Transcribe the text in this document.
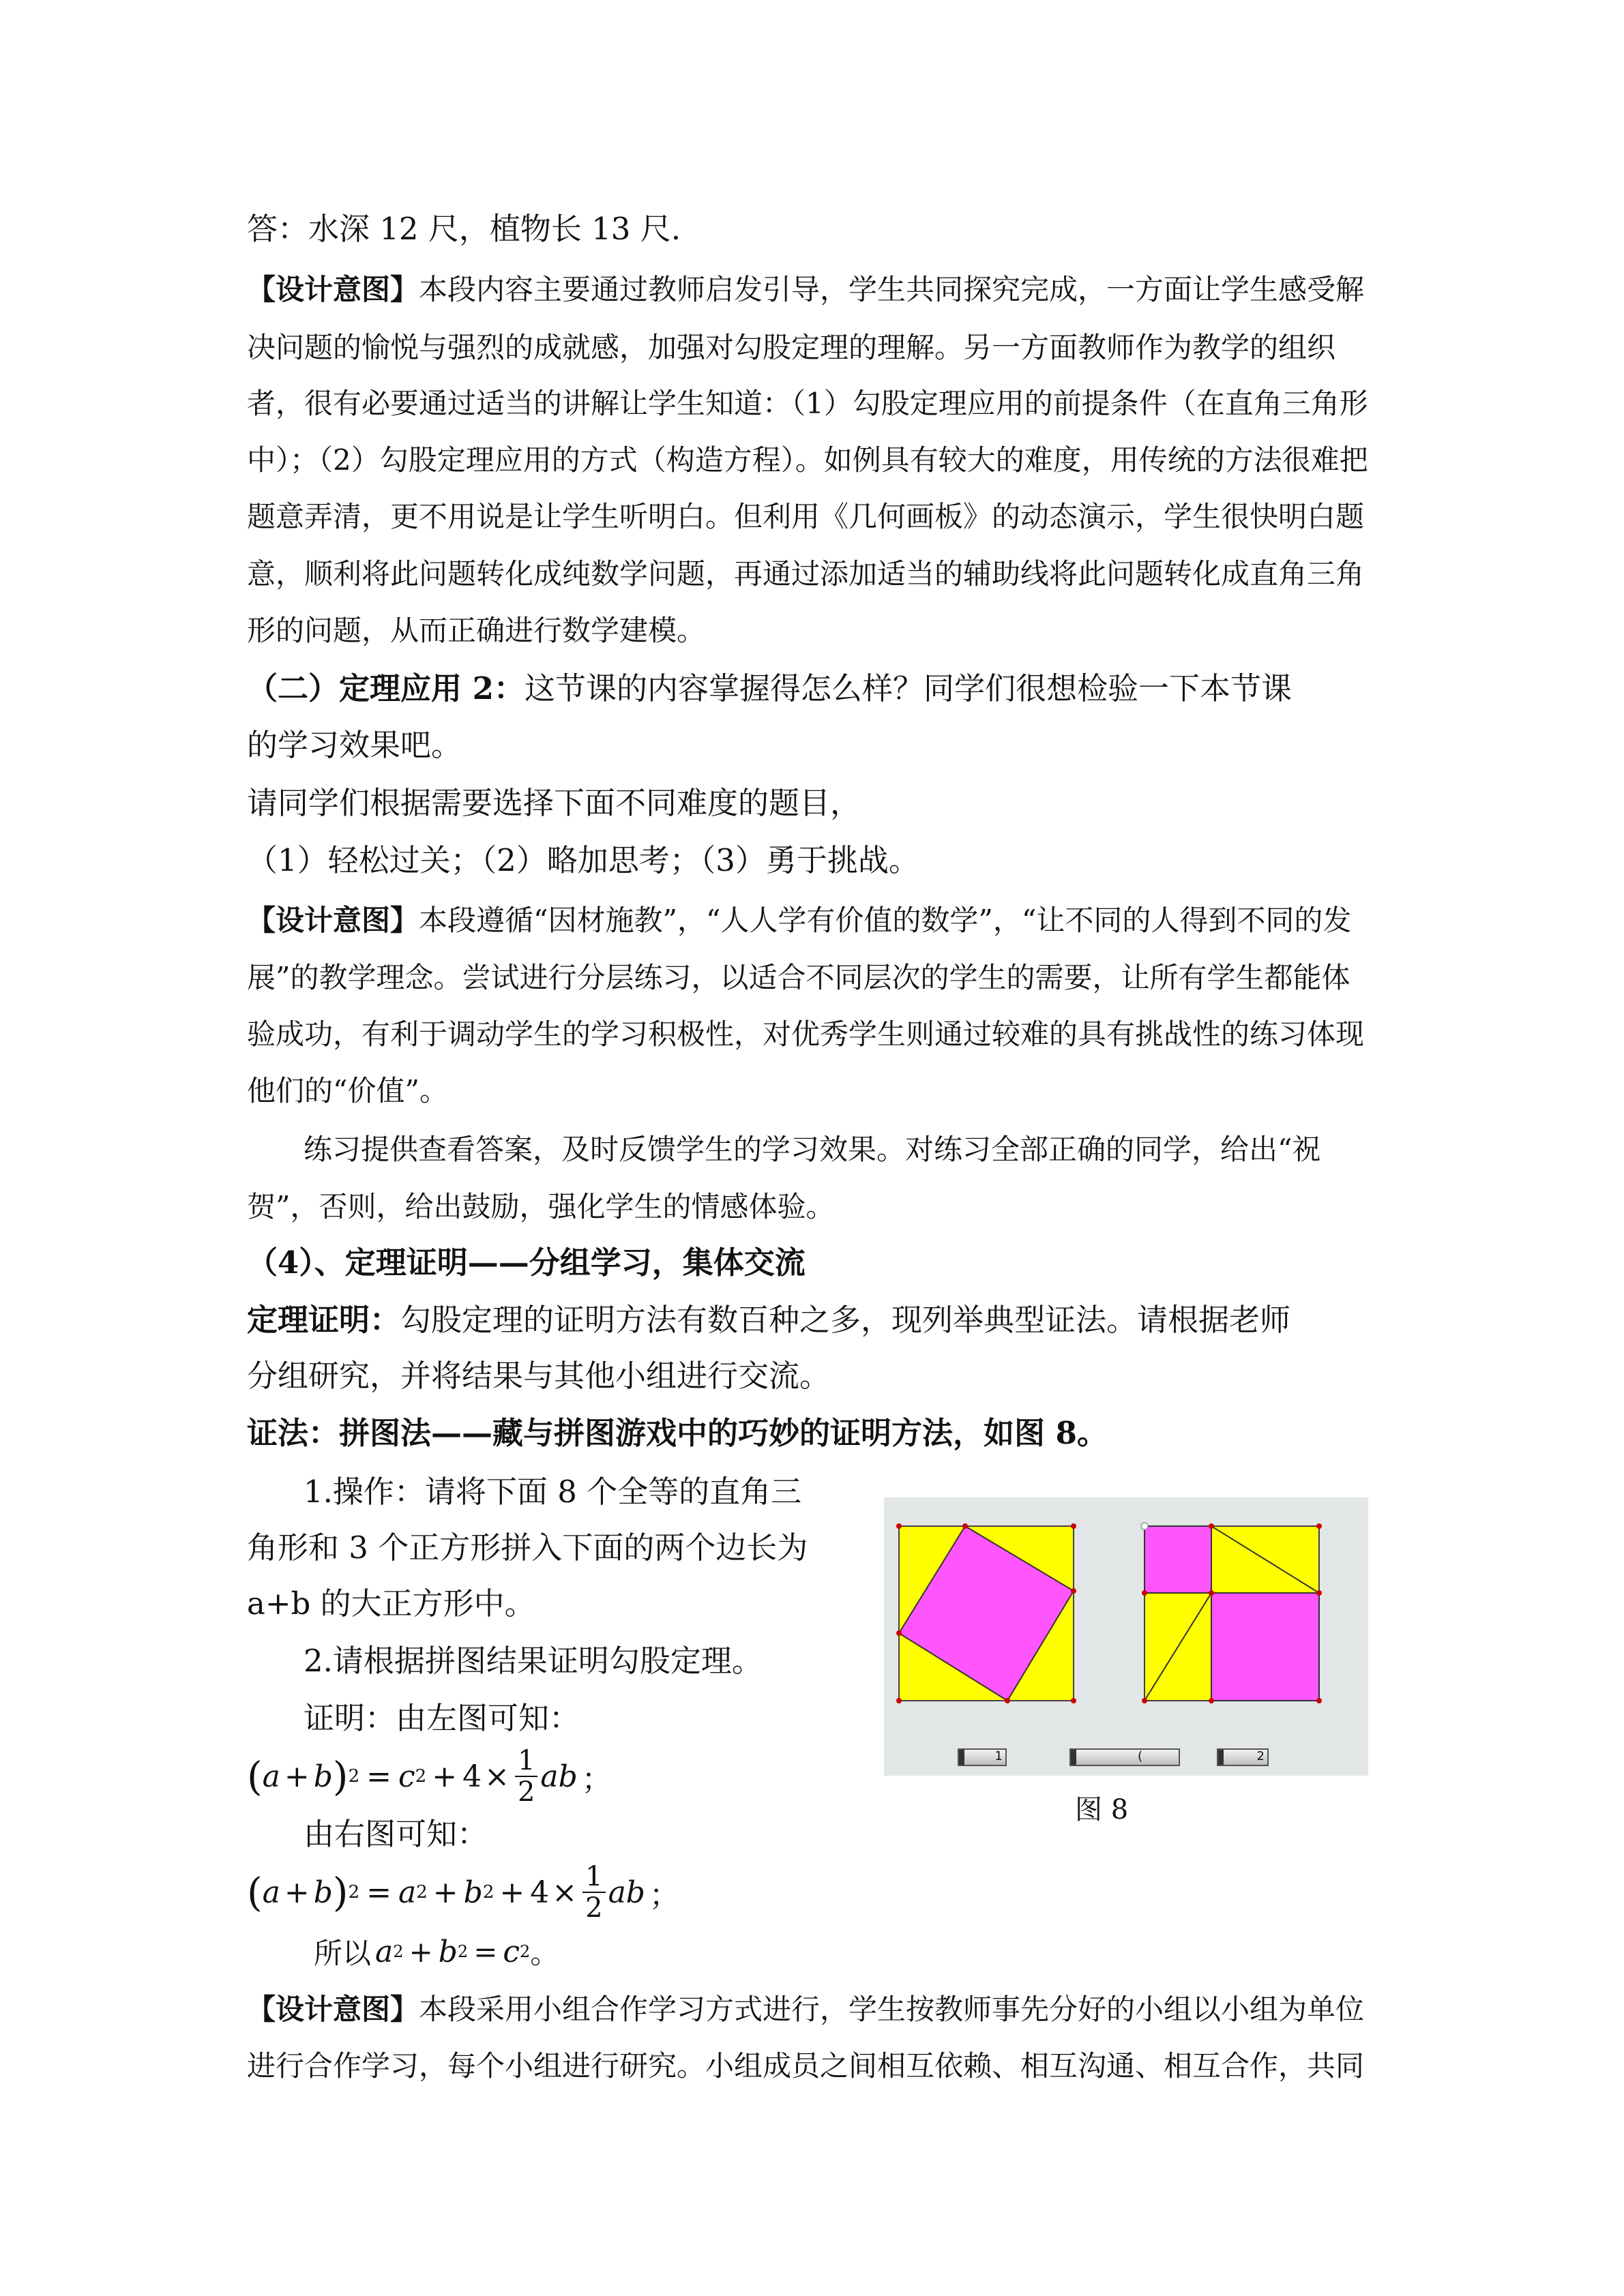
答：水深 12 尺，植物长 13 尺.
【设计意图】本段内容主要通过教师启发引导，学生共同探究完成，一方面让学生感受解
决问题的愉悦与强烈的成就感，加强对勾股定理的理解。另一方面教师作为教学的组织
者，很有必要通过适当的讲解让学生知道：（1）勾股定理应用的前提条件（在直角三角形
中）；（2）勾股定理应用的方式（构造方程）。如例具有较大的难度，用传统的方法很难把
题意弄清，更不用说是让学生听明白。但利用《几何画板》的动态演示，学生很快明白题
意，顺利将此问题转化成纯数学问题，再通过添加适当的辅助线将此问题转化成直角三角
形的问题，从而正确进行数学建模。
（二）定理应用 2：这节课的内容掌握得怎么样？同学们很想检验一下本节课
的学习效果吧。
请同学们根据需要选择下面不同难度的题目，
（1）轻松过关；（2）略加思考；（3）勇于挑战。
【设计意图】本段遵循“因材施教”，“人人学有价值的数学”，“让不同的人得到不同的发
展”的教学理念。尝试进行分层练习，以适合不同层次的学生的需要，让所有学生都能体
验成功，有利于调动学生的学习积极性，对优秀学生则通过较难的具有挑战性的练习体现
他们的“价值”。
练习提供查看答案，及时反馈学生的学习效果。对练习全部正确的同学，给出“祝
贺”，否则，给出鼓励，强化学生的情感体验。
（4）、定理证明——分组学习，集体交流
定理证明：勾股定理的证明方法有数百种之多，现列举典型证法。请根据老师
分组研究，并将结果与其他小组进行交流。
证法：拼图法——藏与拼图游戏中的巧妙的证明方法，如图 8。
1.操作：请将下面 8 个全等的直角三
角形和 3 个正方形拼入下面的两个边长为
a+b 的大正方形中。
2.请根据拼图结果证明勾股定理。
证明：由左图可知：
( a + b ) 2 = c $2 + 4 \times \frac{1}{2}$ ab ；
由右图可知：
( a + b ) 2 = a 2 + b $2 + 4 \times \frac{1}{2}$ ab ；
所以 a 2 + b 2 = c 2 。
【设计意图】本段采用小组合作学习方式进行，学生按教师事先分好的小组以小组为单位
进行合作学习，每个小组进行研究。小组成员之间相互依赖、相互沟通、相互合作，共同
1	(	2
图 8
